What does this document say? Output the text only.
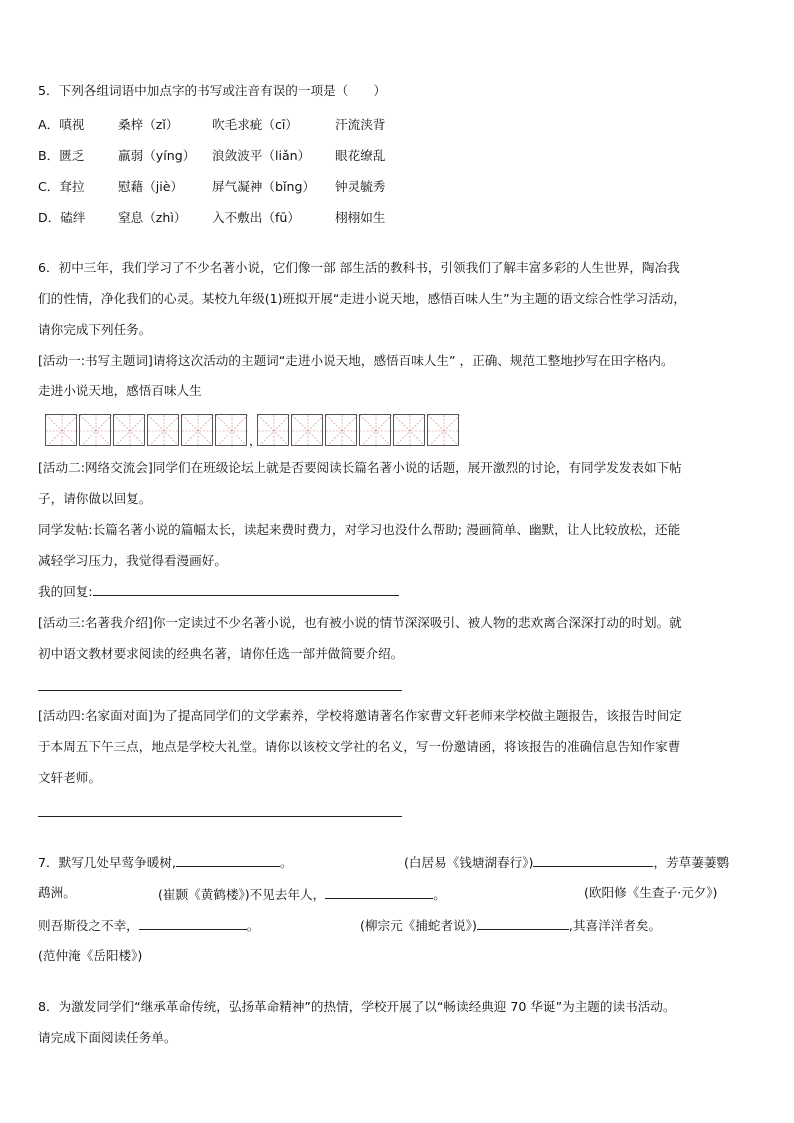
5．下列各组词语中加点字的书写或注音有误的一项是（　　）
A．嗔视	桑梓（zǐ）	吹毛求疵（cī）	汗流浃背
B．匮乏	羸弱（yíng） 浪敛波平（liǎn） 眼花缭乱
C．耷拉	慰藉（jiè） 屏气凝神（bǐng） 钟灵毓秀
D．磕绊	窒息（zhì） 入不敷出（fū）	栩栩如生
6．初中三年，我们学习了不少名著小说，它们像一部 部生活的教科书，引领我们了解丰富多彩的人生世界，陶冶我
们的性情，净化我们的心灵。某校九年级(1)班拟开展“走进小说天地，感悟百味人生”为主题的语文综合性学习活动，
请你完成下列任务。
[活动一:书写主题词]请将这次活动的主题词“走进小说天地，感悟百味人生” ，正确、规范工整地抄写在田字格内。
走进小说天地，感悟百味人生
，
[活动二:网络交流会]同学们在班级论坛上就是否要阅读长篇名著小说的话题，展开激烈的讨论，有同学发发表如下帖
子，请你做以回复。
同学发帖:长篇名著小说的篇幅太长，读起来费时费力，对学习也没什么帮助; 漫画简单、幽默，让人比较放松，还能
减轻学习压力，我觉得看漫画好。
我的回复:
[活动三:名著我介绍]你一定读过不少名著小说，也有被小说的情节深深吸引、被人物的悲欢离合深深打动的时划。就
初中语文教材要求阅读的经典名著，请你任选一部并做简要介绍。
[活动四:名家面对面]为了提高同学们的文学素养，学校将邀请著名作家曹文轩老师来学校做主题报告，该报告时间定
于本周五下午三点，地点是学校大礼堂。请你以该校文学社的名义，写一份邀请函，将该报告的准确信息告知作家曹
文轩老师。
7．默写几处早莺争暖树,	。	(白居易《钱塘湖春行》)	，芳草萋萋鹦
鹉洲。	(崔颢《黄鹤楼》)不见去年人，	。	(欧阳修《生查子·元夕》)
则吾斯役之不幸，	。	(柳宗元《捕蛇者说》)	,其喜洋洋者矣。
(范仲淹《岳阳楼》)
8．为激发同学们“继承革命传统，弘扬革命精神”的热情，学校开展了以“畅读经典迎 70 华诞”为主题的读书活动。
请完成下面阅读任务单。
